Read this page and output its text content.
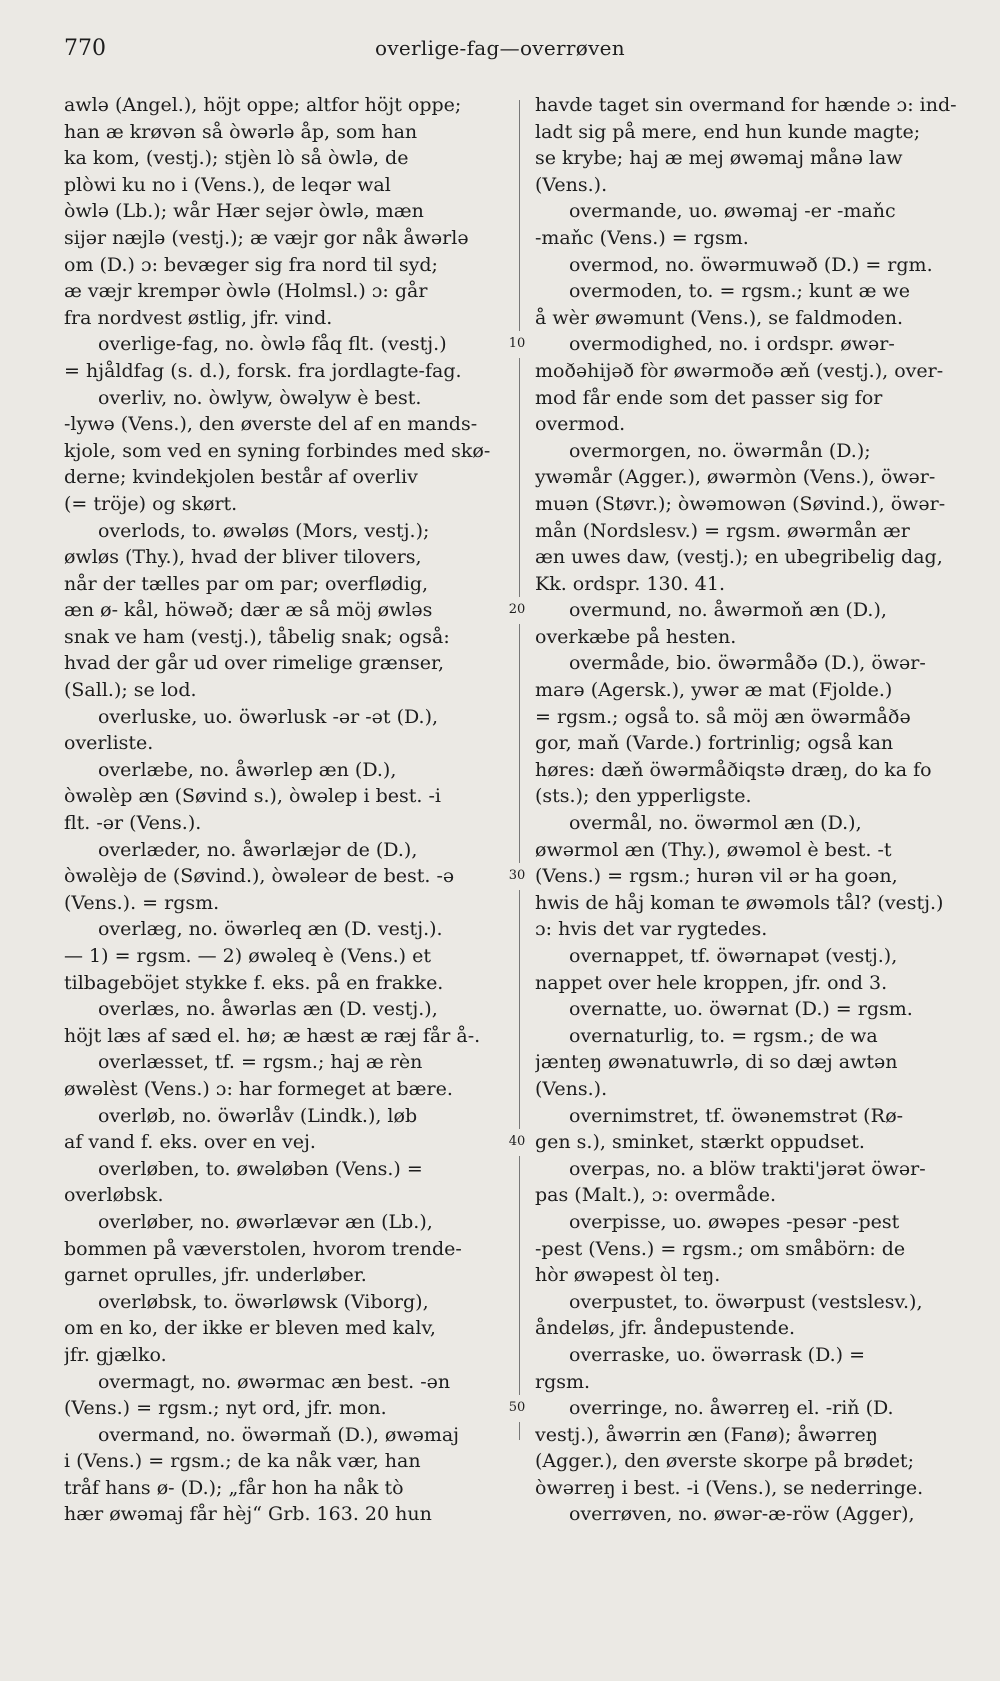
770	overlige-fag—overrøven
awlə (Angel.), höjt oppe; altfor höjt oppe;
han æ krøvən så òwərlə åp, som han
ka kom, (vestj.); stjèn lò så òwlə, de
plòwi ku no i (Vens.), de leqər wal
òwlə (Lb.); wår Hær sejər òwlə, mæn
sijər næjlə (vestj.); æ væjr gor nåk åwərlə
om (D.) ɔ: bevæger sig fra nord til syd;
æ væjr krempər òwlə (Holmsl.) ɔ: går
fra nordvest østlig, jfr. vind.
overlige-fag, no. òwlə fåq flt. (vestj.)
= hjåldfag (s. d.), forsk. fra jordlagte-fag.
overliv, no. òwlyw, òwəlyw è best.
-lywə (Vens.), den øverste del af en mands-
kjole, som ved en syning forbindes med skø-
derne; kvindekjolen består af overliv
(= tröje) og skørt.
overlods, to. øwəløs (Mors, vestj.);
øwløs (Thy.), hvad der bliver tilovers,
når der tælles par om par; overflødig,
æn ø- kål, höwəð; dær æ så möj øwləs
snak ve ham (vestj.), tåbelig snak; også:
hvad der går ud over rimelige grænser,
(Sall.); se lod.
overluske, uo. öwərlusk -ər -ət (D.),
overliste.
overlæbe, no. åwərlep æn (D.),
òwəlèp æn (Søvind s.), òwəlep i best. -i
flt. -ər (Vens.).
overlæder, no. åwərlæjər de (D.),
òwəlèjə de (Søvind.), òwəleər de best. -ə
(Vens.). = rgsm.
overlæg, no. öwərleq æn (D. vestj.).
— 1) = rgsm. — 2) øwəleq è (Vens.) et
tilbageböjet stykke f. eks. på en frakke.
overlæs, no. åwərlas æn (D. vestj.),
höjt læs af sæd el. hø; æ hæst æ ræj får å-.
overlæsset, tf. = rgsm.; haj æ rèn
øwəlèst (Vens.) ɔ: har formeget at bære.
overløb, no. öwərlåv (Lindk.), løb
af vand f. eks. over en vej.
overløben, to. øwəløbən (Vens.) =
overløbsk.
overløber, no. øwərlævər æn (Lb.),
bommen på væverstolen, hvorom trende-
garnet oprulles, jfr. underløber.
overløbsk, to. öwərløwsk (Viborg),
om en ko, der ikke er bleven med kalv,
jfr. gjælko.
overmagt, no. øwərmac æn best. -ən
(Vens.) = rgsm.; nyt ord, jfr. mon.
overmand, no. öwərmaň (D.), øwəmaj
i (Vens.) = rgsm.; de ka nåk vær, han
tråf hans ø- (D.); „får hon ha nåk tò
hær øwəmaj får hèj“ Grb. 163. 20 hun
10
20
30
40
50
havde taget sin overmand for hænde ɔ: ind-
ladt sig på mere, end hun kunde magte;
se krybe; haj æ mej øwəmaj månə law
(Vens.).
overmande, uo. øwəmaj -er -maňc
-maňc (Vens.) = rgsm.
overmod, no. öwərmuwəð (D.) = rgm.
overmoden, to. = rgsm.; kunt æ we
å wèr øwəmunt (Vens.), se faldmoden.
overmodighed, no. i ordspr. øwər-
moðəhijəð fòr øwərmoðə æň (vestj.), over-
mod får ende som det passer sig for
overmod.
overmorgen, no. öwərmån (D.);
ywəmår (Agger.), øwərmòn (Vens.), öwər-
muən (Støvr.); òwəmowən (Søvind.), öwər-
mån (Nordslesv.) = rgsm. øwərmån ær
æn uwes daw, (vestj.); en ubegribelig dag,
Kk. ordspr. 130. 41.
overmund, no. åwərmoň æn (D.),
overkæbe på hesten.
overmåde, bio. öwərmåðə (D.), öwər-
marə (Agersk.), ywər æ mat (Fjolde.)
= rgsm.; også to. så möj æn öwərmåðə
gor, maň (Varde.) fortrinlig; også kan
høres: dæň öwərmåðiqstə dræŋ, do ka fo
(sts.); den ypperligste.
overmål, no. öwərmol æn (D.),
øwərmol æn (Thy.), øwəmol è best. -t
(Vens.) = rgsm.; hurən vil ər ha goən,
hwis de håj koman te øwəmols tål? (vestj.)
ɔ: hvis det var rygtedes.
overnappet, tf. öwərnapət (vestj.),
nappet over hele kroppen, jfr. ond 3.
overnatte, uo. öwərnat (D.) = rgsm.
overnaturlig, to. = rgsm.; de wa
jænteŋ øwənatuwrlə, di so dæj awtən
(Vens.).
overnimstret, tf. öwənemstrət (Rø-
gen s.), sminket, stærkt oppudset.
overpas, no. a blöw trakti'jərət öwər-
pas (Malt.), ɔ: overmåde.
overpisse, uo. øwəpes -pesər -pest
-pest (Vens.) = rgsm.; om småbörn: de
hòr øwəpest òl teŋ.
overpustet, to. öwərpust (vestslesv.),
åndeløs, jfr. åndepustende.
overraske, uo. öwərrask (D.) =
rgsm.
overringe, no. åwərreŋ el. -riň (D.
vestj.), åwərrin æn (Fanø); åwərreŋ
(Agger.), den øverste skorpe på brødet;
òwərreŋ i best. -i (Vens.), se nederringe.
overrøven, no. øwər-æ-röw (Agger),
